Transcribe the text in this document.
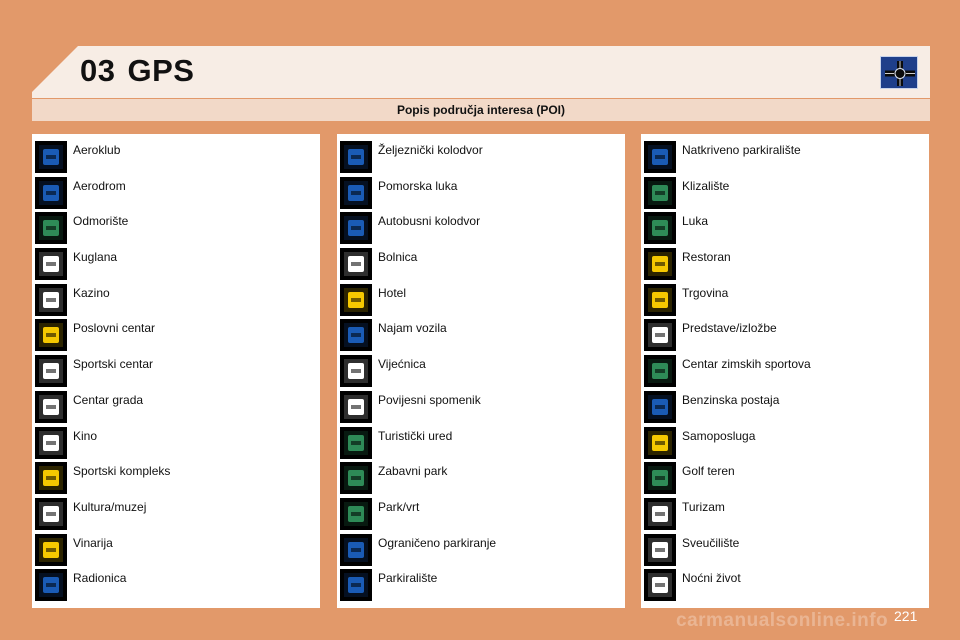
03 GPS
Popis područja interesa (POI)
Aeroklub
Aerodrom
Odmorište
Kuglana
Kazino
Poslovni centar
Sportski centar
Centar grada
Kino
Sportski kompleks
Kultura/muzej
Vinarija
Radionica
Željeznički kolodvor
Pomorska luka
Autobusni kolodvor
Bolnica
Hotel
Najam vozila
Vijećnica
Povijesni spomenik
Turistički ured
Zabavni park
Park/vrt
Ograničeno parkiranje
Parkiralište
Natkriveno parkiralište
Klizalište
Luka
Restoran
Trgovina
Predstave/izložbe
Centar zimskih sportova
Benzinska postaja
Samoposluga
Golf teren
Turizam
Sveučilište
Noćni život
carmanualsonline.info 221
